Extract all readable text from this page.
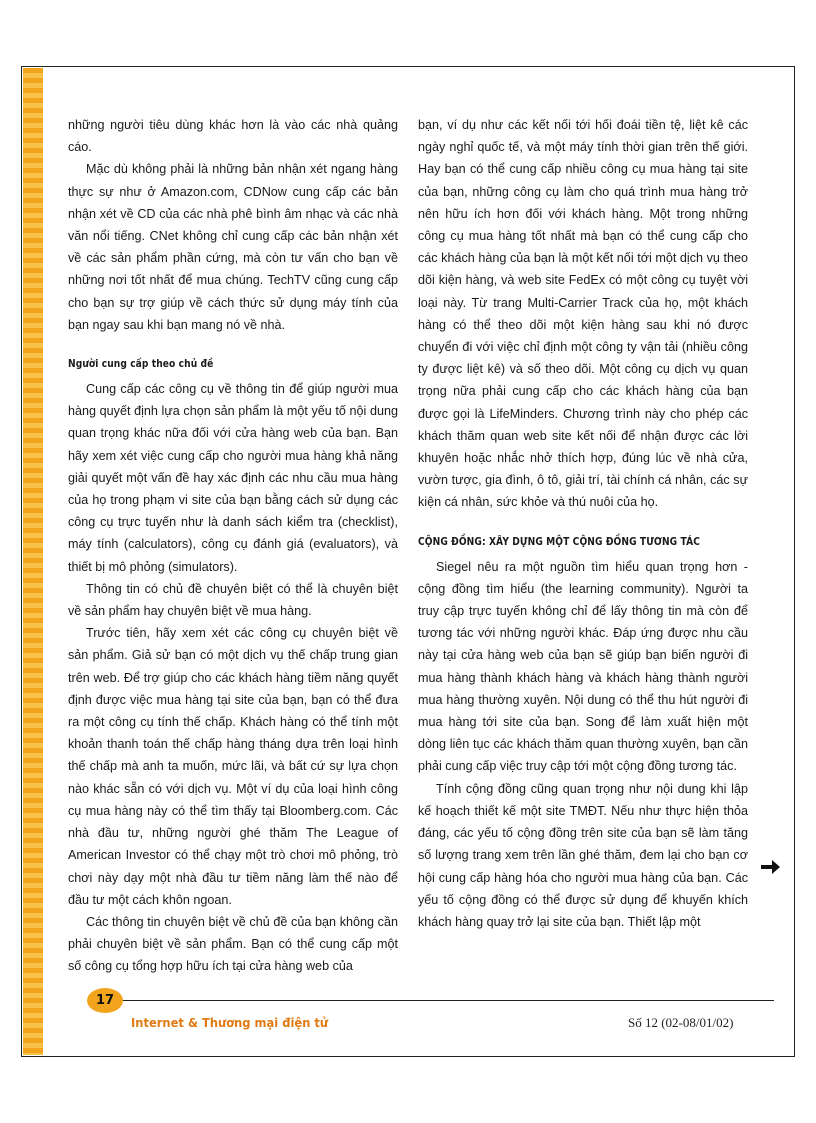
những người tiêu dùng khác hơn là vào các nhà quảng cáo.

Mặc dù không phải là những bản nhận xét ngang hàng thực sự như ở Amazon.com, CDNow cung cấp các bản nhận xét về CD của các nhà phê bình âm nhạc và các nhà văn nổi tiếng. CNet không chỉ cung cấp các bản nhận xét về các sản phẩm phần cứng, mà còn tư vấn cho bạn về những nơi tốt nhất để mua chúng. TechTV cũng cung cấp cho bạn sự trợ giúp về cách thức sử dụng máy tính của bạn ngay sau khi bạn mang nó về nhà.

Người cung cấp theo chủ đề

Cung cấp các công cụ về thông tin để giúp người mua hàng quyết định lựa chọn sản phẩm là một yếu tố nội dung quan trọng khác nữa đối với cửa hàng web của bạn. Bạn hãy xem xét việc cung cấp cho người mua hàng khả năng giải quyết một vấn đề hay xác định các nhu cầu mua hàng của họ trong phạm vi site của bạn bằng cách sử dụng các công cụ trực tuyến như là danh sách kiểm tra (checklist), máy tính (calculators), công cụ đánh giá (evaluators), và thiết bị mô phỏng (simulators).

Thông tin có chủ đề chuyên biệt có thể là chuyên biệt về sản phẩm hay chuyên biệt về mua hàng.

Trước tiên, hãy xem xét các công cụ chuyên biệt về sản phẩm. Giả sử bạn có một dịch vụ thế chấp trung gian trên web. Để trợ giúp cho các khách hàng tiềm năng quyết định được việc mua hàng tại site của bạn, bạn có thể đưa ra một công cụ tính thế chấp. Khách hàng có thể tính một khoản thanh toán thế chấp hàng tháng dựa trên loại hình thế chấp mà anh ta muốn, mức lãi, và bất cứ sự lựa chọn nào khác sẵn có với dịch vụ. Một ví dụ của loại hình công cụ mua hàng này có thể tìm thấy tại Bloomberg.com. Các nhà đầu tư, những người ghé thăm The League of American Investor có thể chạy một trò chơi mô phỏng, trò chơi này dạy một nhà đầu tư tiềm năng làm thế nào để đầu tư một cách khôn ngoan.

Các thông tin chuyên biệt về chủ đề của bạn không cần phải chuyên biệt về sản phẩm. Bạn có thể cung cấp một số công cụ tổng hợp hữu ích tại cửa hàng web của

bạn, ví dụ như các kết nối tới hối đoái tiền tệ, liệt kê các ngày nghỉ quốc tế, và một máy tính thời gian trên thế giới. Hay bạn có thể cung cấp nhiều công cụ mua hàng tại site của bạn, những công cụ làm cho quá trình mua hàng trở nên hữu ích hơn đối với khách hàng. Một trong những công cụ mua hàng tốt nhất mà bạn có thể cung cấp cho các khách hàng của bạn là một kết nối tới một dịch vụ theo dõi kiện hàng, và web site FedEx có một công cụ tuyệt vời loại này. Từ trang Multi-Carrier Track của họ, một khách hàng có thể theo dõi một kiện hàng sau khi nó được chuyển đi với việc chỉ định một công ty vận tải (nhiều công ty được liệt kê) và số theo dõi. Một công cụ dịch vụ quan trọng nữa phải cung cấp cho các khách hàng của bạn được gọi là LifeMinders. Chương trình này cho phép các khách thăm quan web site kết nối để nhận được các lời khuyên hoặc nhắc nhở thích hợp, đúng lúc về nhà cửa, vườn tược, gia đình, ô tô, giải trí, tài chính cá nhân, các sự kiện cá nhân, sức khỏe và thú nuôi của họ.

CỘNG ĐỒNG: XÂY DỰNG MỘT CỘNG ĐỒNG TƯƠNG TÁC

Siegel nêu ra một nguồn tìm hiểu quan trọng hơn - cộng đồng tìm hiểu (the learning community). Người ta truy cập trực tuyến không chỉ để lấy thông tin mà còn để tương tác với những người khác. Đáp ứng được nhu cầu này tại cửa hàng web của bạn sẽ giúp bạn biến người đi mua hàng thành khách hàng và khách hàng thành người mua hàng thường xuyên. Nội dung có thể thu hút người đi mua hàng tới site của bạn. Song để làm xuất hiện một dòng liên tục các khách thăm quan thường xuyên, bạn cần phải cung cấp việc truy cập tới một cộng đồng tương tác.

Tính cộng đồng cũng quan trọng như nội dung khi lập kế hoạch thiết kế một site TMĐT. Nếu như thực hiện thỏa đáng, các yếu tố cộng đồng trên site của bạn sẽ làm tăng số lượng trang xem trên lần ghé thăm, đem lại cho bạn cơ hội cung cấp hàng hóa cho người mua hàng của bạn. Các yếu tố cộng đồng có thể được sử dụng để khuyến khích khách hàng quay trở lại site của bạn. Thiết lập một

17
Internet & Thương mại điện tử	Số 12 (02-08/01/02)
